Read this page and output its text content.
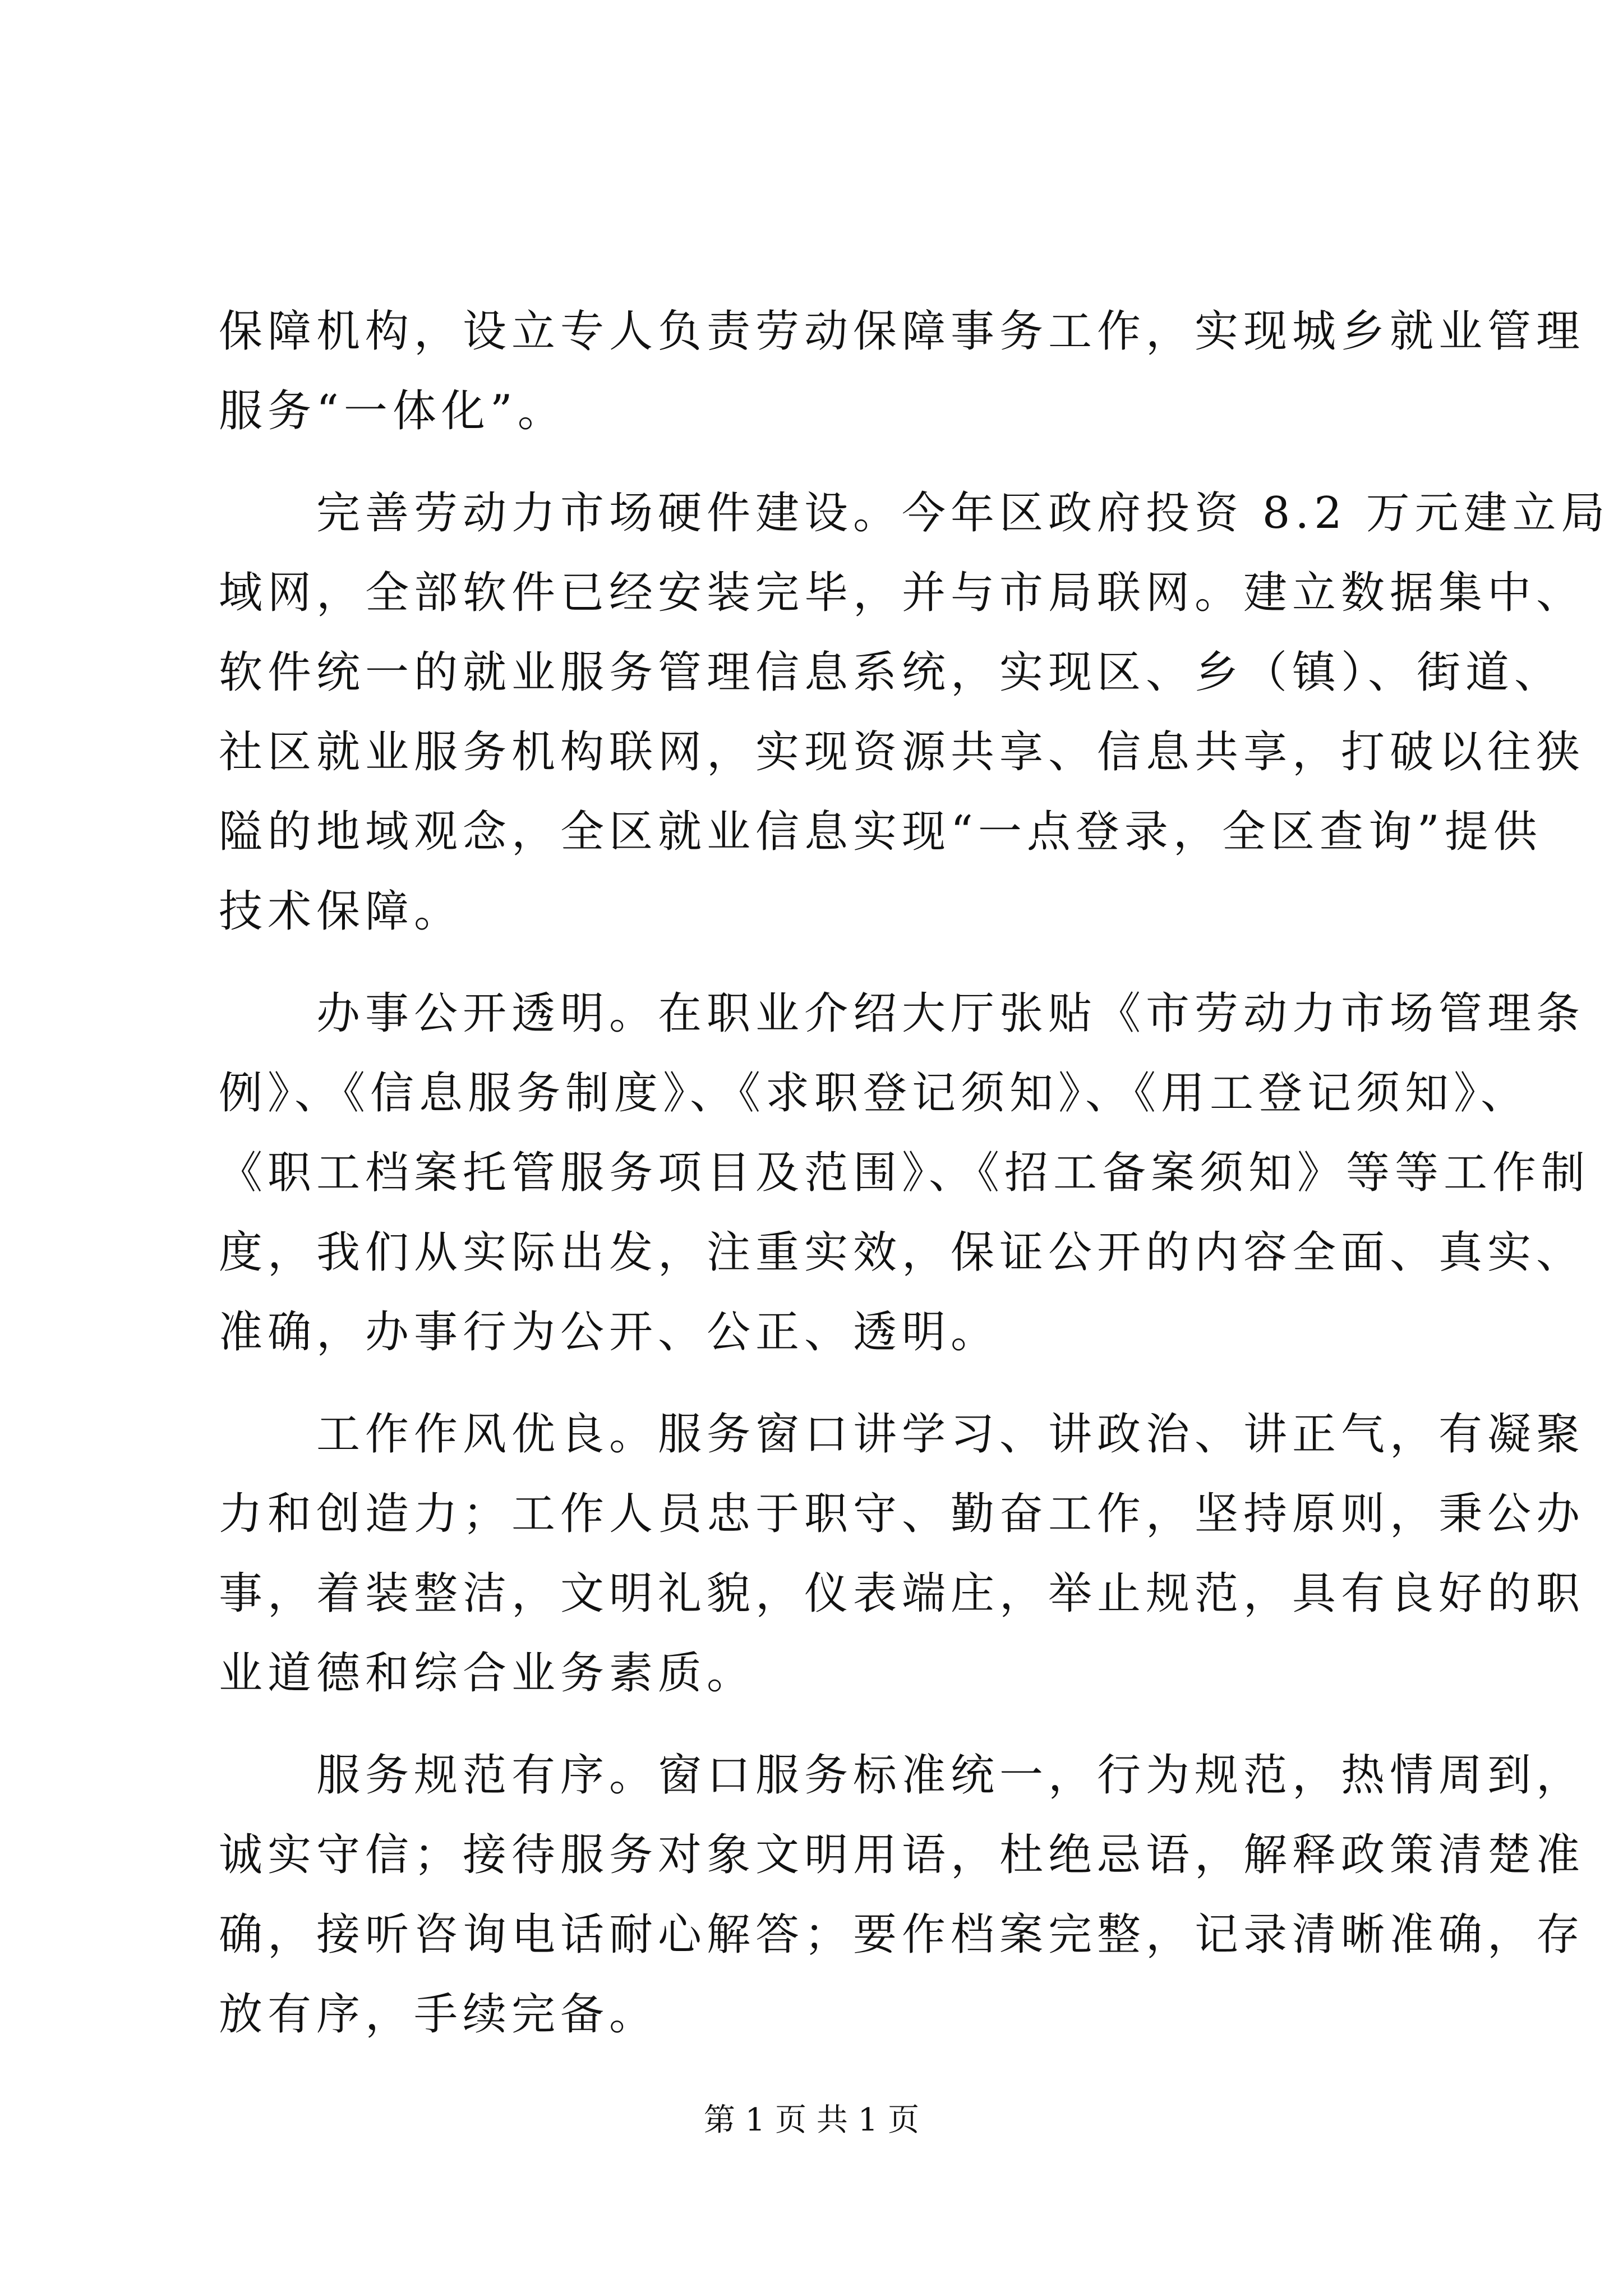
保障机构，设立专人负责劳动保障事务工作，实现城乡就业管理
服务“一体化”。
　　完善劳动力市场硬件建设。今年区政府投资 8.2 万元建立局
域网，全部软件已经安装完毕，并与市局联网。建立数据集中、
软件统一的就业服务管理信息系统，实现区、乡（镇）、街道、
社区就业服务机构联网，实现资源共享、信息共享，打破以往狭
隘的地域观念，全区就业信息实现“一点登录，全区查询”提供
技术保障。
　　办事公开透明。在职业介绍大厅张贴《市劳动力市场管理条
例》、《信息服务制度》、《求职登记须知》、《用工登记须知》、
《职工档案托管服务项目及范围》、《招工备案须知》等等工作制
度，我们从实际出发，注重实效，保证公开的内容全面、真实、
准确，办事行为公开、公正、透明。
　　工作作风优良。服务窗口讲学习、讲政治、讲正气，有凝聚
力和创造力；工作人员忠于职守、勤奋工作，坚持原则，秉公办
事，着装整洁，文明礼貌，仪表端庄，举止规范，具有良好的职
业道德和综合业务素质。
　　服务规范有序。窗口服务标准统一，行为规范，热情周到，
诚实守信；接待服务对象文明用语，杜绝忌语，解释政策清楚准
确，接听咨询电话耐心解答；要作档案完整，记录清晰准确，存
放有序，手续完备。
第 1 页 共 1 页
